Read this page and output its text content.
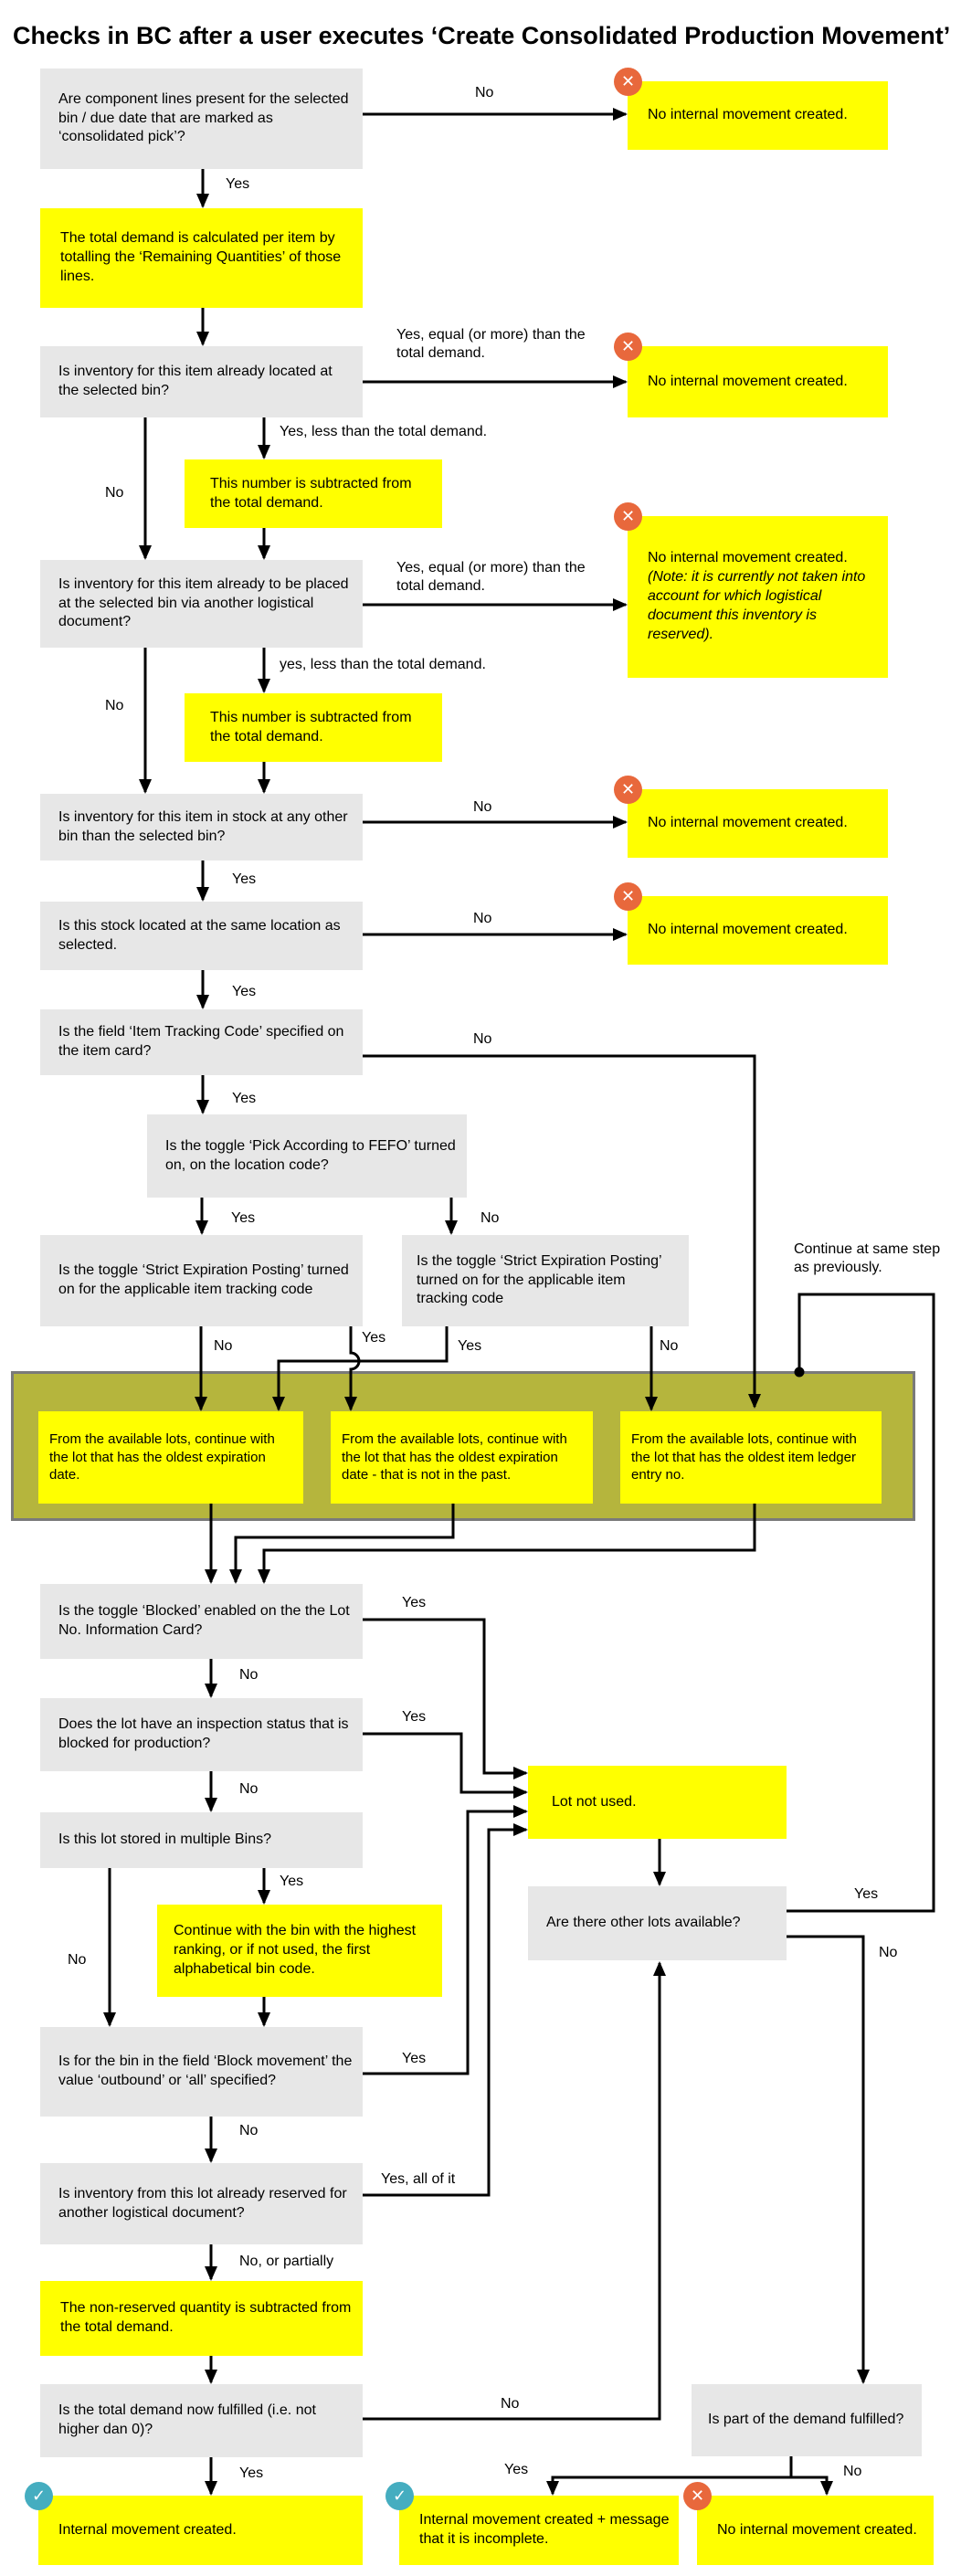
Checks in BC after a user executes ‘Create Consolidated Production Movement’
Are component lines present for the selected bin / due date that are marked as ‘consolidated pick’?
No internal movement created.
The total demand is calculated per item by totalling the ‘Remaining Quantities’ of those lines.
Is inventory for this item already located at the selected bin?
No internal movement created.
This number is subtracted from the total demand.
Is inventory for this item already to be placed at the selected bin via another logistical document?
No internal movement created.
(Note: it is currently not taken into account for which logistical document this inventory is reserved).
This number is subtracted from the total demand.
Is inventory for this item in stock at any other bin than the selected bin?
No internal movement created.
Is this stock located at the same location as selected.
No internal movement created.
Is the field ‘Item Tracking Code’ specified on the item card?
Is the toggle ‘Pick According to FEFO’ turned on, on the location code?
Is the toggle ‘Strict Expiration Posting’ turned on for the applicable item tracking code
Is the toggle ‘Strict Expiration Posting’ turned on for the applicable item tracking code
From the available lots, continue with the lot that has the oldest expiration date.
From the available lots, continue with the lot that has the oldest expiration date - that is not in the past.
From the available lots, continue with the lot that has the oldest item ledger entry no.
Is the toggle ‘Blocked’ enabled on the the Lot No. Information Card?
Does the lot have an inspection status that is blocked for production?
Is this lot stored in multiple Bins?
Lot not used.
Are there other lots available?
Continue with the bin with the highest ranking, or if not used, the first alphabetical bin code.
Is for the bin in the field ‘Block movement’ the value ‘outbound’ or ‘all’ specified?
Is inventory from this lot already reserved for another logistical document?
The non-reserved quantity is subtracted from the total demand.
Is the total demand now fulfilled (i.e. not higher dan 0)?
Is part of the demand fulfilled?
Internal movement created.
Internal movement created + message that it is incomplete.
No internal movement created.
✕
✕
✕
✕
✕
✓	✓	✕
No
Yes
Yes, equal (or more) than the total demand.
Yes, less than the total demand.
No
Yes, equal (or more) than the total demand.
yes, less than the total demand.
No
No
Yes
No
Yes
No
Yes
Yes	No
No
Yes
Yes	No
Continue at same step as previously.
Yes
No
Yes
No
Yes
No
Yes
No
Yes, all of it
No, or partially
No
Yes
Yes
No
Yes	No
